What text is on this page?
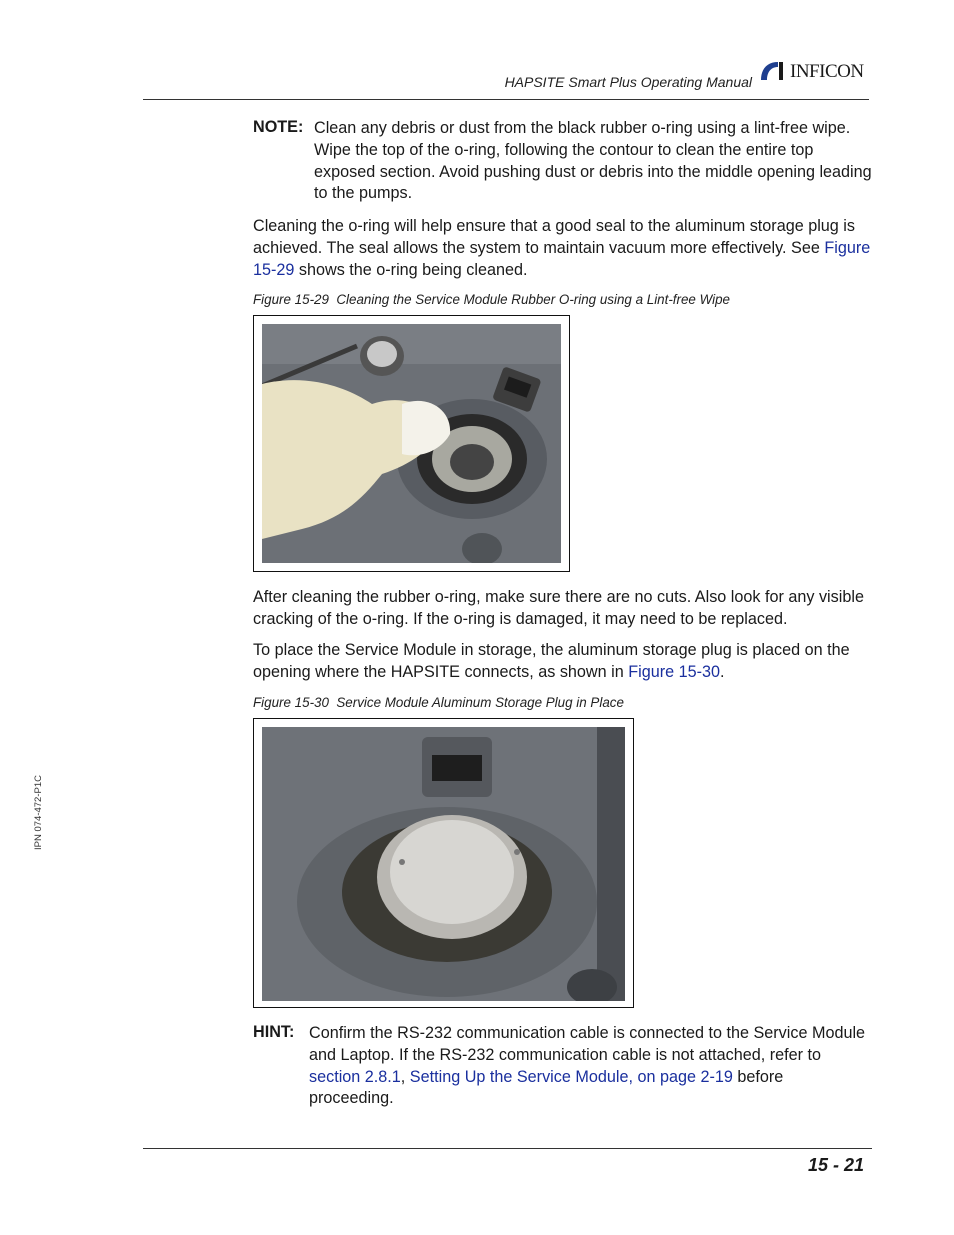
HAPSITE Smart Plus Operating Manual INFICON
NOTE: Clean any debris or dust from the black rubber o-ring using a lint-free wipe. Wipe the top of the o-ring, following the contour to clean the entire top exposed section. Avoid pushing dust or debris into the middle opening leading to the pumps.
Cleaning the o-ring will help ensure that a good seal to the aluminum storage plug is achieved. The seal allows the system to maintain vacuum more effectively. See Figure 15-29 shows the o-ring being cleaned.
Figure 15-29  Cleaning the Service Module Rubber O-ring using a Lint-free Wipe
After cleaning the rubber o-ring, make sure there are no cuts. Also look for any visible cracking of the o-ring. If the o-ring is damaged, it may need to be replaced.
To place the Service Module in storage, the aluminum storage plug is placed on the opening where the HAPSITE connects, as shown in Figure 15-30.
Figure 15-30  Service Module Aluminum Storage Plug in Place
HINT: Confirm the RS-232 communication cable is connected to the Service Module and Laptop. If the RS-232 communication cable is not attached, refer to section 2.8.1, Setting Up the Service Module, on page 2-19 before proceeding.
IPN 074-472-P1C
15 - 21
